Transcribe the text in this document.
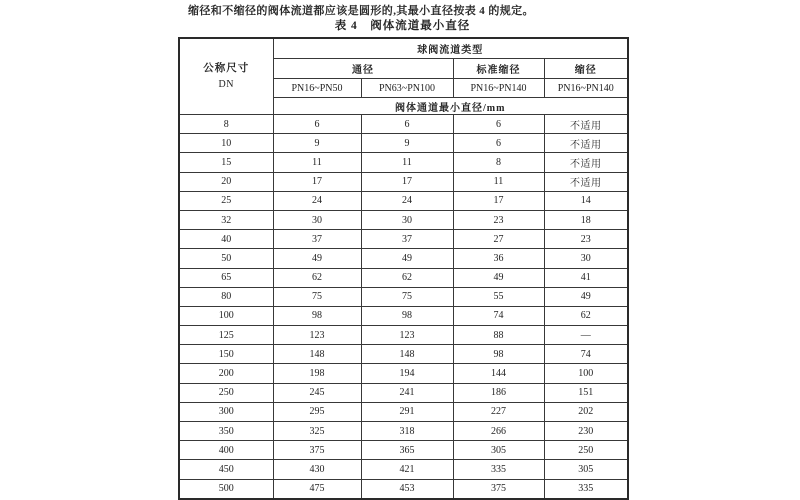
缩径和不缩径的阀体流道都应该是圆形的,其最小直径按表 4 的规定。

表 4　阀体流道最小直径

公称尺寸
DN	球阀流道类型			
	通径		标准缩径	缩径
	PN16~PN50	PN63~PN100	PN16~PN140	PN16~PN140
	阀体通道最小直径/mm			
8	6	6	6	不适用
10	9	9	6	不适用
15	11	11	8	不适用
20	17	17	11	不适用
25	24	24	17	14
32	30	30	23	18
40	37	37	27	23
50	49	49	36	30
65	62	62	49	41
80	75	75	55	49
100	98	98	74	62
125	123	123	88	—
150	148	148	98	74
200	198	194	144	100
250	245	241	186	151
300	295	291	227	202
350	325	318	266	230
400	375	365	305	250
450	430	421	335	305
500	475	453	375	335
